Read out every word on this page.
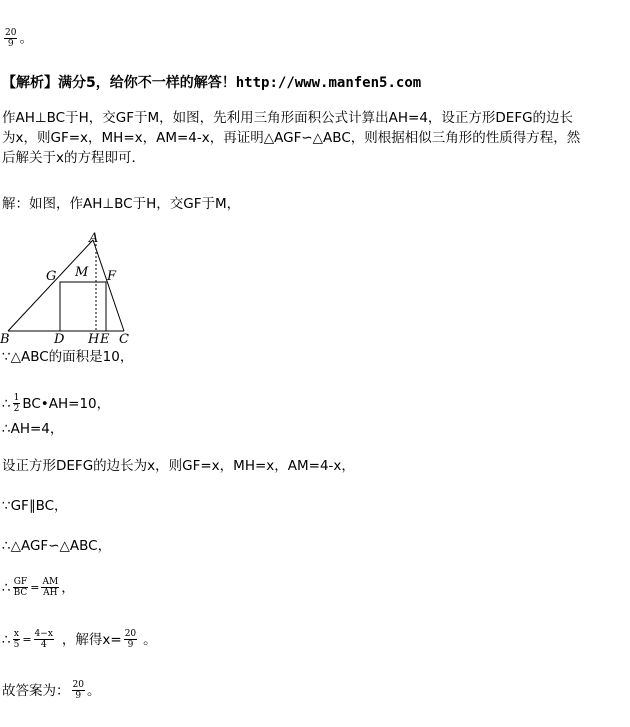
$\frac{20}{9}$ 。
【解析】满分5，给你不一样的解答！http://www.manfen5.com
作AH⊥BC于H，交GF于M，如图，先利用三角形面积公式计算出AH=4，设正方形DEFG的边长
为x，则GF=x，MH=x，AM=4-x，再证明△AGF∽△ABC，则根据相似三角形的性质得方程，然
后解关于x的方程即可．
解：如图，作AH⊥BC于H，交GF于M，
A
G M F
B	D H E C
∵△ABC的面积是10，
∴ $\frac{1}{2}$ BC•AH=10，
∴AH=4，
设正方形DEFG的边长为x，则GF=x，MH=x，AM=4-x，
∵GF∥BC，
∴△AGF∽△ABC，
∴ $\frac{GF}{BC} = \frac{AM}{AH}$ ，
∴ $\frac{x}{5} = \frac{4-x}{4}$ ，解得$x= \frac{20}{9}$ 。
故答案为： $\frac{20}{9}$ 。
